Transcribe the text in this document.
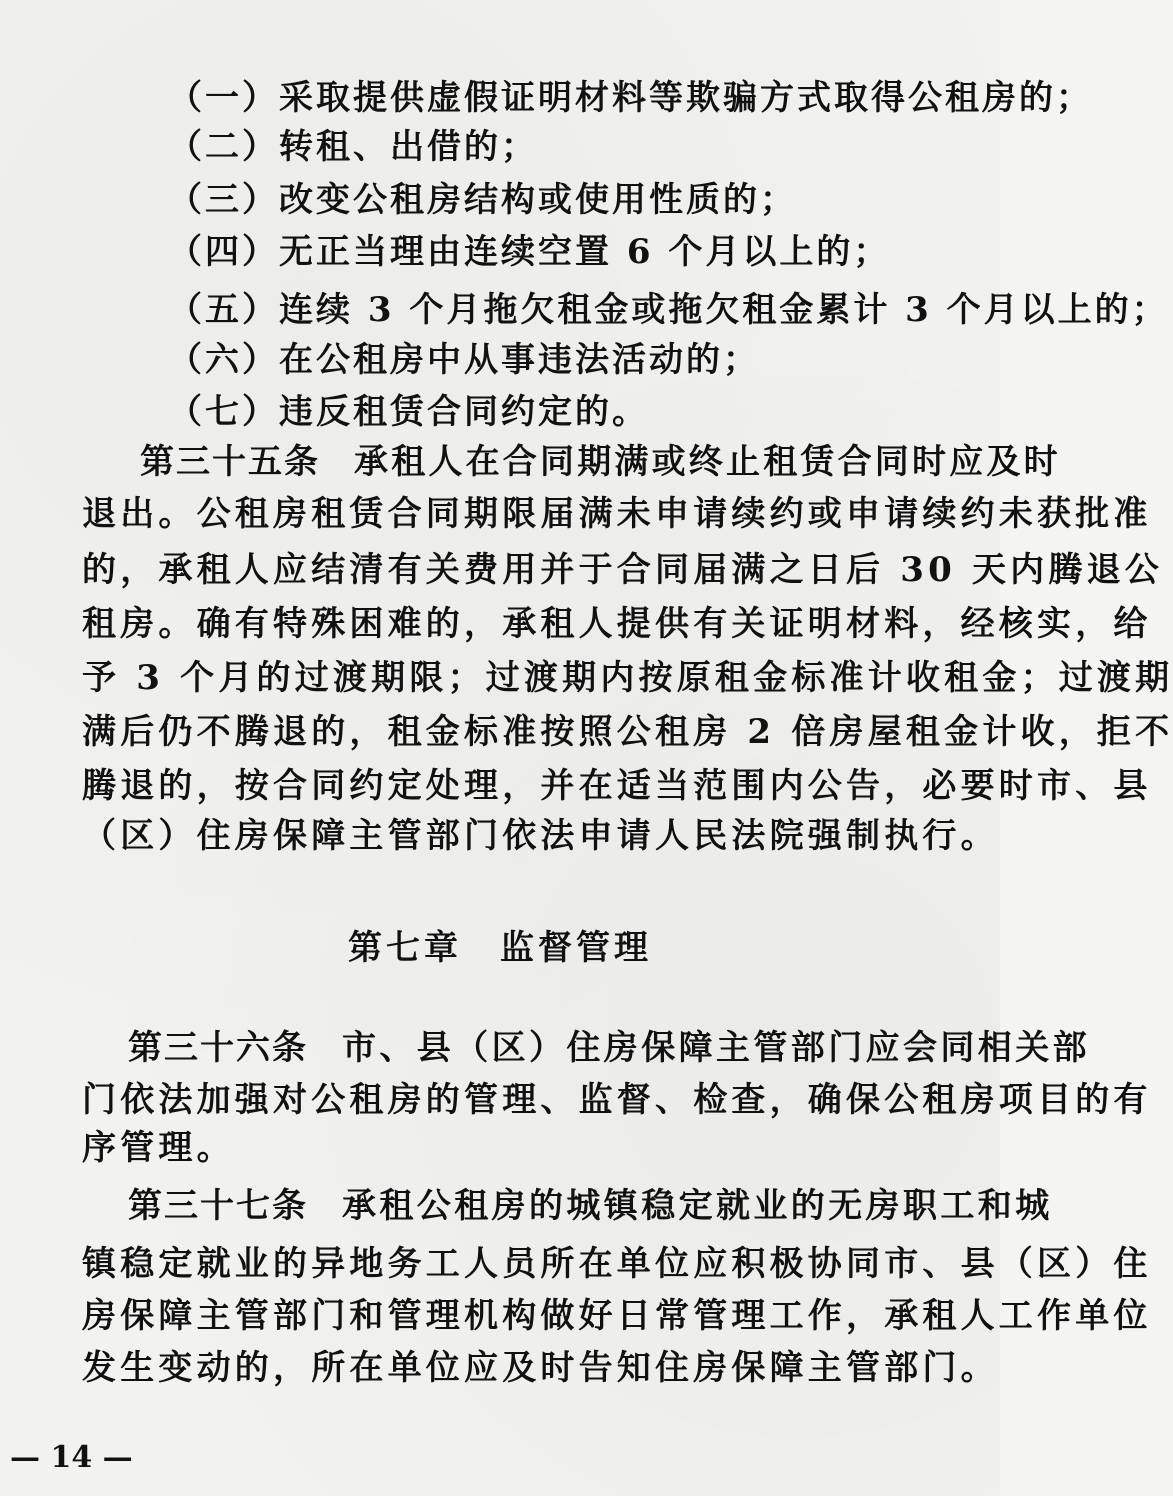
（一）采取提供虚假证明材料等欺骗方式取得公租房的；
（二）转租、出借的；
（三）改变公租房结构或使用性质的；
（四）无正当理由连续空置 6 个月以上的；
（五）连续 3 个月拖欠租金或拖欠租金累计 3 个月以上的；
（六）在公租房中从事违法活动的；
（七）违反租赁合同约定的。
第三十五条 承租人在合同期满或终止租赁合同时应及时
退出。公租房租赁合同期限届满未申请续约或申请续约未获批准
的，承租人应结清有关费用并于合同届满之日后 30 天内腾退公
租房。确有特殊困难的，承租人提供有关证明材料，经核实，给
予 3 个月的过渡期限；过渡期内按原租金标准计收租金；过渡期
满后仍不腾退的，租金标准按照公租房 2 倍房屋租金计收，拒不
腾退的，按合同约定处理，并在适当范围内公告，必要时市、县
（区）住房保障主管部门依法申请人民法院强制执行。
第七章　监督管理
第三十六条 市、县（区）住房保障主管部门应会同相关部
门依法加强对公租房的管理、监督、检查，确保公租房项目的有
序管理。
第三十七条 承租公租房的城镇稳定就业的无房职工和城
镇稳定就业的异地务工人员所在单位应积极协同市、县（区）住
房保障主管部门和管理机构做好日常管理工作，承租人工作单位
发生变动的，所在单位应及时告知住房保障主管部门。
— 14 —
